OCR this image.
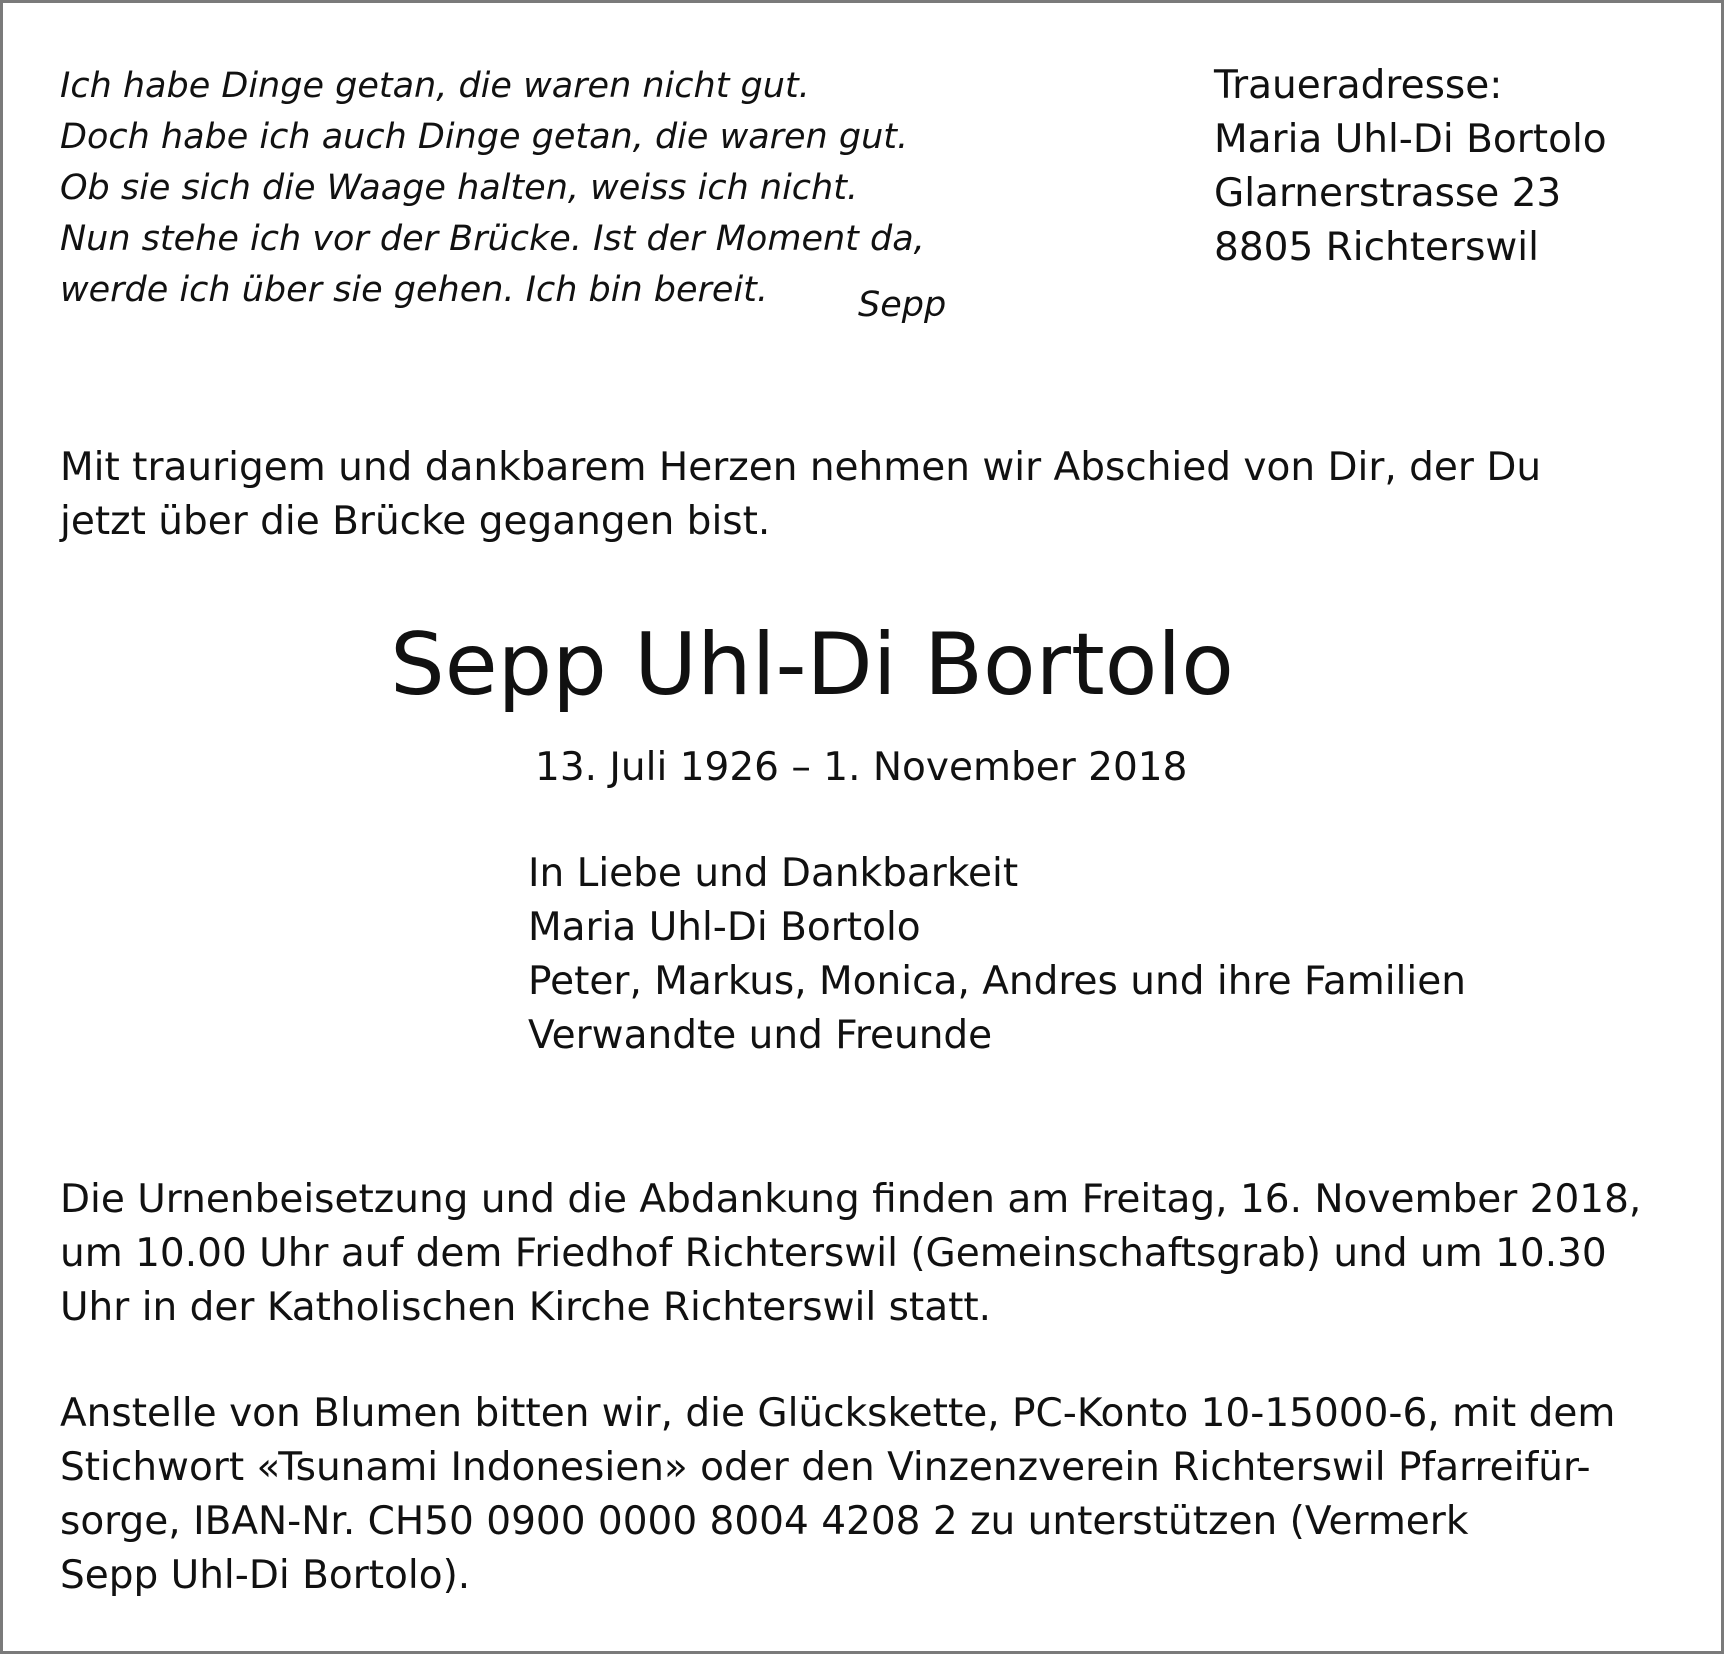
Ich habe Dinge getan, die waren nicht gut.
Doch habe ich auch Dinge getan, die waren gut.
Ob sie sich die Waage halten, weiss ich nicht.
Nun stehe ich vor der Brücke. Ist der Moment da,
werde ich über sie gehen. Ich bin bereit.	Sepp
Traueradresse:
Maria Uhl-Di Bortolo
Glarnerstrasse 23
8805 Richterswil
Mit traurigem und dankbarem Herzen nehmen wir Abschied von Dir, der Du
jetzt über die Brücke gegangen bist.
Sepp Uhl-Di Bortolo
13. Juli 1926 – 1. November 2018
In Liebe und Dankbarkeit
Maria Uhl-Di Bortolo
Peter, Markus, Monica, Andres und ihre Familien
Verwandte und Freunde
Die Urnenbeisetzung und die Abdankung finden am Freitag, 16. November 2018,
um 10.00 Uhr auf dem Friedhof Richterswil (Gemeinschaftsgrab) und um 10.30
Uhr in der Katholischen Kirche Richterswil statt.
Anstelle von Blumen bitten wir, die Glückskette, PC-Konto 10-15000-6, mit dem
Stichwort «Tsunami Indonesien» oder den Vinzenzverein Richterswil Pfarreifür-
sorge, IBAN-Nr. CH50 0900 0000 8004 4208 2 zu unterstützen (Vermerk
Sepp Uhl-Di Bortolo).
